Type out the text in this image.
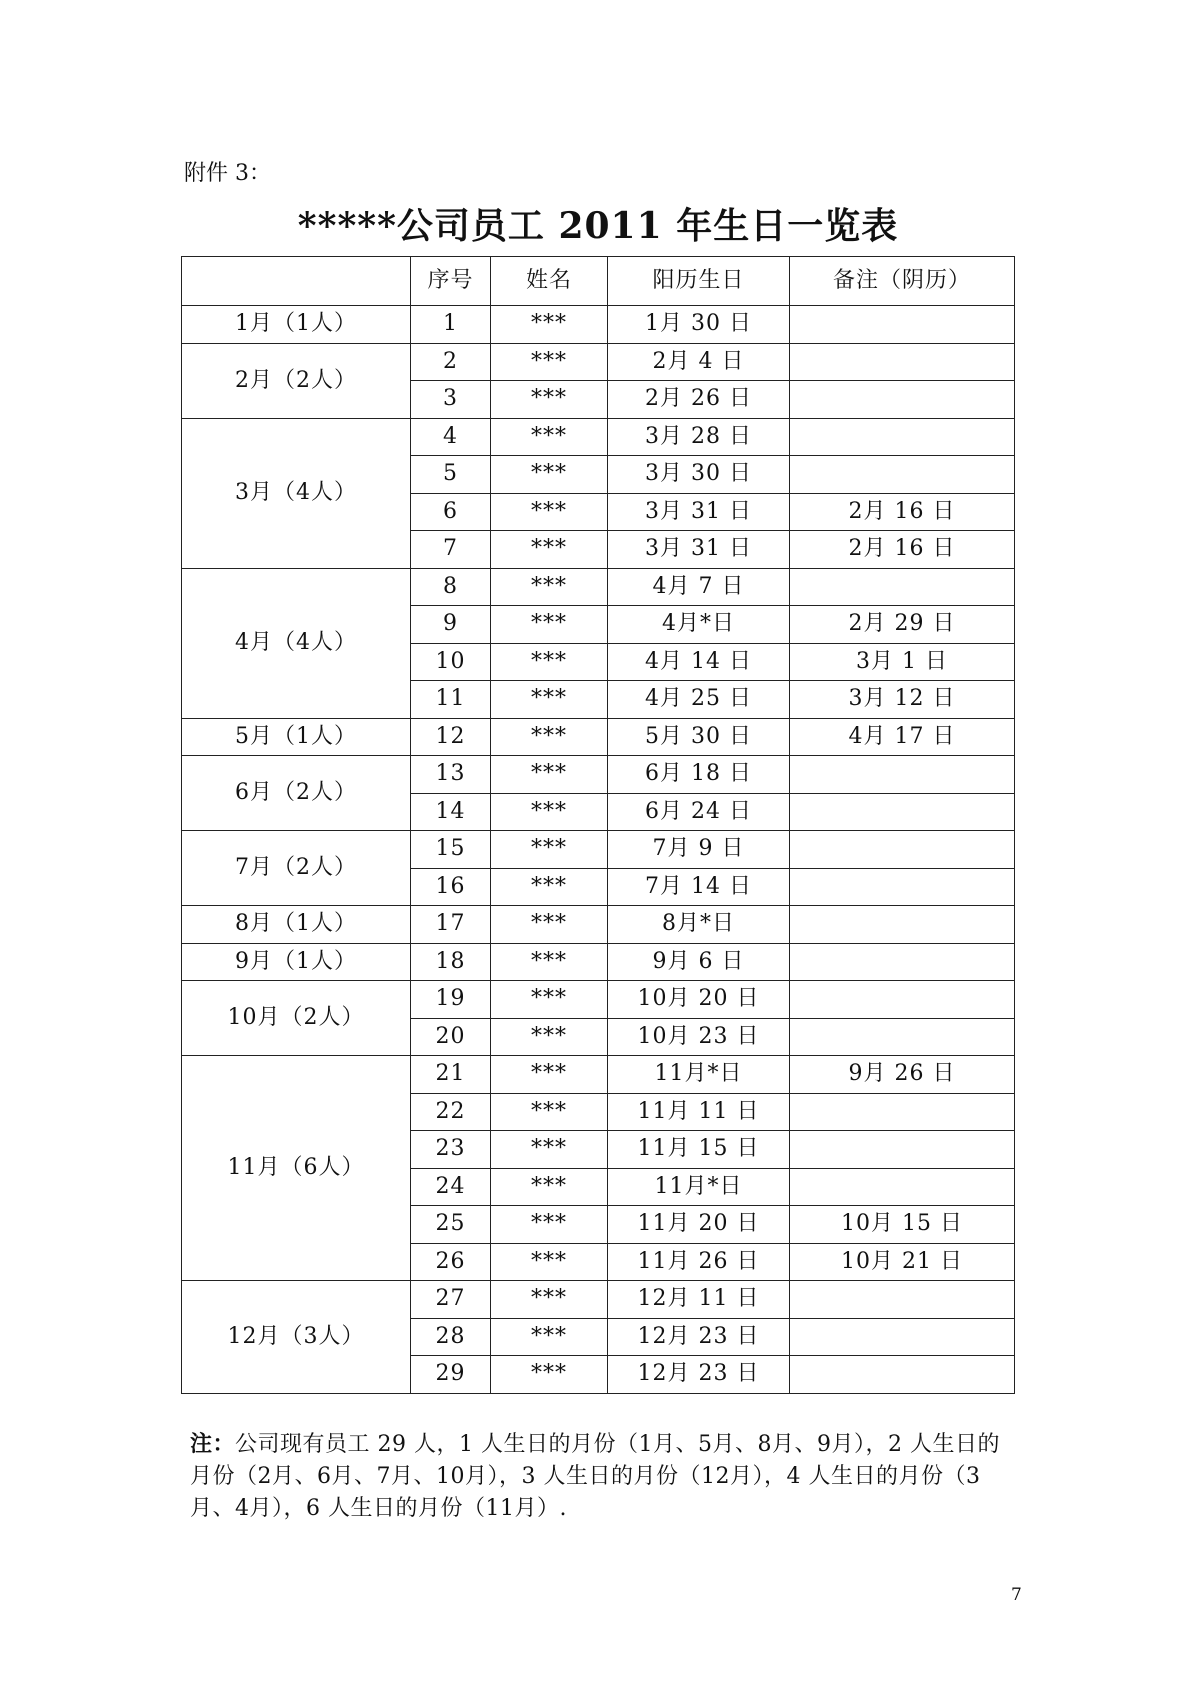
附件 3：
*****公司员工 2011 年生日一览表
	序号	姓名	阳历生日	备注（阴历）
1月（1人）	1	***	1月 30 日	
2月（2人）	2	***	2月 4 日	
	3	***	2月 26 日	
3月（4人）	4	***	3月 28 日	
	5	***	3月 30 日	
	6	***	3月 31 日	2月 16 日
	7	***	3月 31 日	2月 16 日
4月（4人）	8	***	4月 7 日	
	9	***	4月*日	2月 29 日
	10	***	4月 14 日	3月 1 日
	11	***	4月 25 日	3月 12 日
5月（1人）	12	***	5月 30 日	4月 17 日
6月（2人）	13	***	6月 18 日	
	14	***	6月 24 日	
7月（2人）	15	***	7月 9 日	
	16	***	7月 14 日	
8月（1人）	17	***	8月*日	
9月（1人）	18	***	9月 6 日	
10月（2人）	19	***	10月 20 日	
	20	***	10月 23 日	
11月（6人）	21	***	11月*日	9月 26 日
	22	***	11月 11 日	
	23	***	11月 15 日	
	24	***	11月*日	
	25	***	11月 20 日	10月 15 日
	26	***	11月 26 日	10月 21 日
12月（3人）	27	***	12月 11 日	
	28	***	12月 23 日	
	29	***	12月 23 日	
注：公司现有员工 29 人，1 人生日的月份（1月、5月、8月、9月），2 人生日的月份（2月、6月、7月、10月），3 人生日的月份（12月），4 人生日的月份（3月、4月），6 人生日的月份（11月）.
7
